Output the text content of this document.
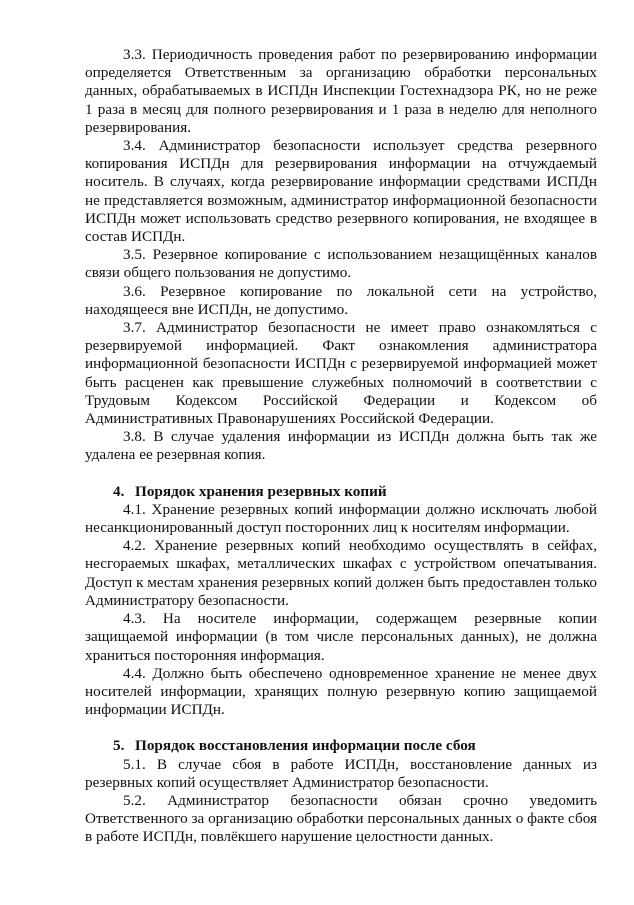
3.3. Периодичность проведения работ по резервированию информации определяется Ответственным за организацию обработки персональных данных, обрабатываемых в ИСПДн Инспекции Гостехнадзора РК, но не реже 1 раза в месяц для полного резервирования и 1 раза в неделю для неполного резервирования.

3.4. Администратор безопасности использует средства резервного копирования ИСПДн для резервирования информации на отчуждаемый носитель. В случаях, когда резервирование информации средствами ИСПДн не представляется возможным, администратор информационной безопасности ИСПДн может использовать средство резервного копирования, не входящее в состав ИСПДн.

3.5. Резервное копирование с использованием незащищённых каналов связи общего пользования не допустимо.

3.6. Резервное копирование по локальной сети на устройство, находящееся вне ИСПДн, не допустимо.

3.7. Администратор безопасности не имеет право ознакомляться с резервируемой информацией. Факт ознакомления администратора информационной безопасности ИСПДн с резервируемой информацией может быть расценен как превышение служебных полномочий в соответствии с Трудовым Кодексом Российской Федерации и Кодексом об Административных Правонарушениях Российской Федерации.

3.8. В случае удаления информации из ИСПДн должна быть так же удалена ее резервная копия.

4. Порядок хранения резервных копий

4.1. Хранение резервных копий информации должно исключать любой несанкционированный доступ посторонних лиц к носителям информации.

4.2. Хранение резервных копий необходимо осуществлять в сейфах, несгораемых шкафах, металлических шкафах с устройством опечатывания. Доступ к местам хранения резервных копий должен быть предоставлен только Администратору безопасности.

4.3. На носителе информации, содержащем резервные копии защищаемой информации (в том числе персональных данных), не должна храниться посторонняя информация.

4.4. Должно быть обеспечено одновременное хранение не менее двух носителей информации, хранящих полную резервную копию защищаемой информации ИСПДн.

5. Порядок восстановления информации после сбоя

5.1. В случае сбоя в работе ИСПДн, восстановление данных из резервных копий осуществляет Администратор безопасности.

5.2. Администратор безопасности обязан срочно уведомить Ответственного за организацию обработки персональных данных о факте сбоя в работе ИСПДн, повлёкшего нарушение целостности данных.
